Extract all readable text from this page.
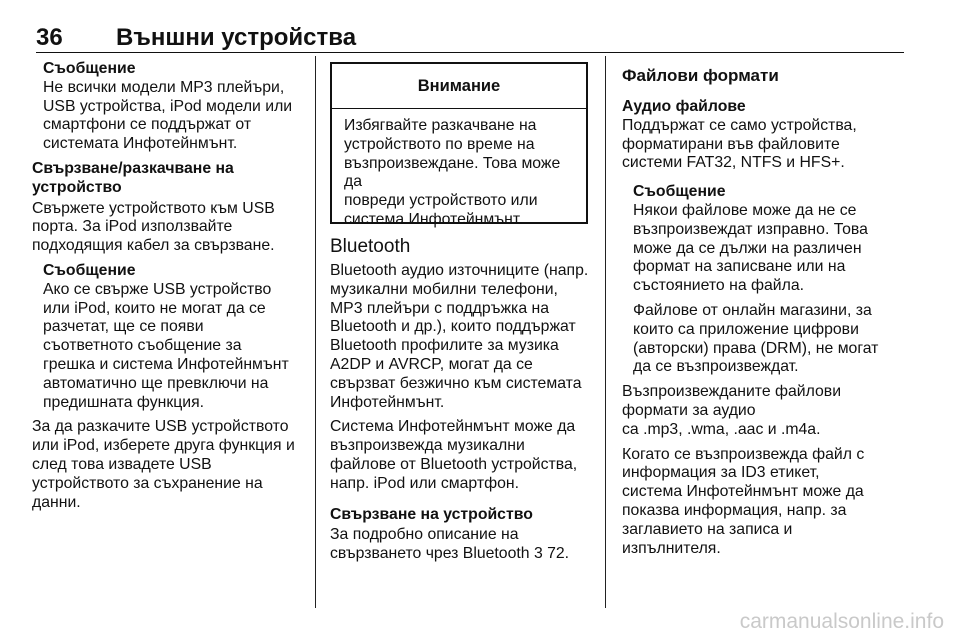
36 Външни устройства
Съобщение

Не всички модели MP3 плейъри,
USB устройства, iPod модели или
смартфони се поддържат от
системата Инфотейнмънт.

Свързване/разкачване на
устройство

Свържете устройството към USB
порта. За iPod използвайте
подходящия кабел за свързване.

Съобщение

Ако се свърже USB устройство
или iPod, които не могат да се
разчетат, ще се появи
съответното съобщение за
грешка и система Инфотейнмънт
автоматично ще превключи на
предишната функция.

За да разкачите USB устройството
или iPod, изберете друга функция и
след това извадете USB
устройството за съхранение на
данни.

Внимание
Избягвайте разкачване на
устройството по време на
възпроизвеждане. Това може да
повреди устройството или
система Инфотейнмънт.
Bluetooth

Bluetooth аудио източниците (напр.
музикални мобилни телефони,
MP3 плейъри с поддръжка на
Bluetooth и др.), които поддържат
Bluetooth профилите за музика
A2DP и AVRCP, могат да се
свързват безжично към системата
Инфотейнмънт.

Система Инфотейнмънт може да
възпроизвежда музикални
файлове от Bluetooth устройства,
напр. iPod или смартфон.

Свързване на устройство

За подробно описание на
свързването чрез Bluetooth 3 72.

Файлови формати
Аудио файлове

Поддържат се само устройства,
форматирани във файловите
системи FAT32, NTFS и HFS+.

Съобщение

Някои файлове може да не се
възпроизвеждат изправно. Това
може да се дължи на различен
формат на записване или на
състоянието на файла.

Файлове от онлайн магазини, за
които са приложение цифрови
(авторски) права (DRM), не могат
да се възпроизвеждат.

Възпроизвежданите файлови
формати за аудио
са .mp3, .wma, .aac и .m4a.

Когато се възпроизвежда файл с
информация за ID3 етикет,
система Инфотейнмънт може да
показва информация, напр. за
заглавието на записа и
изпълнителя.

carmanualsonline.info
